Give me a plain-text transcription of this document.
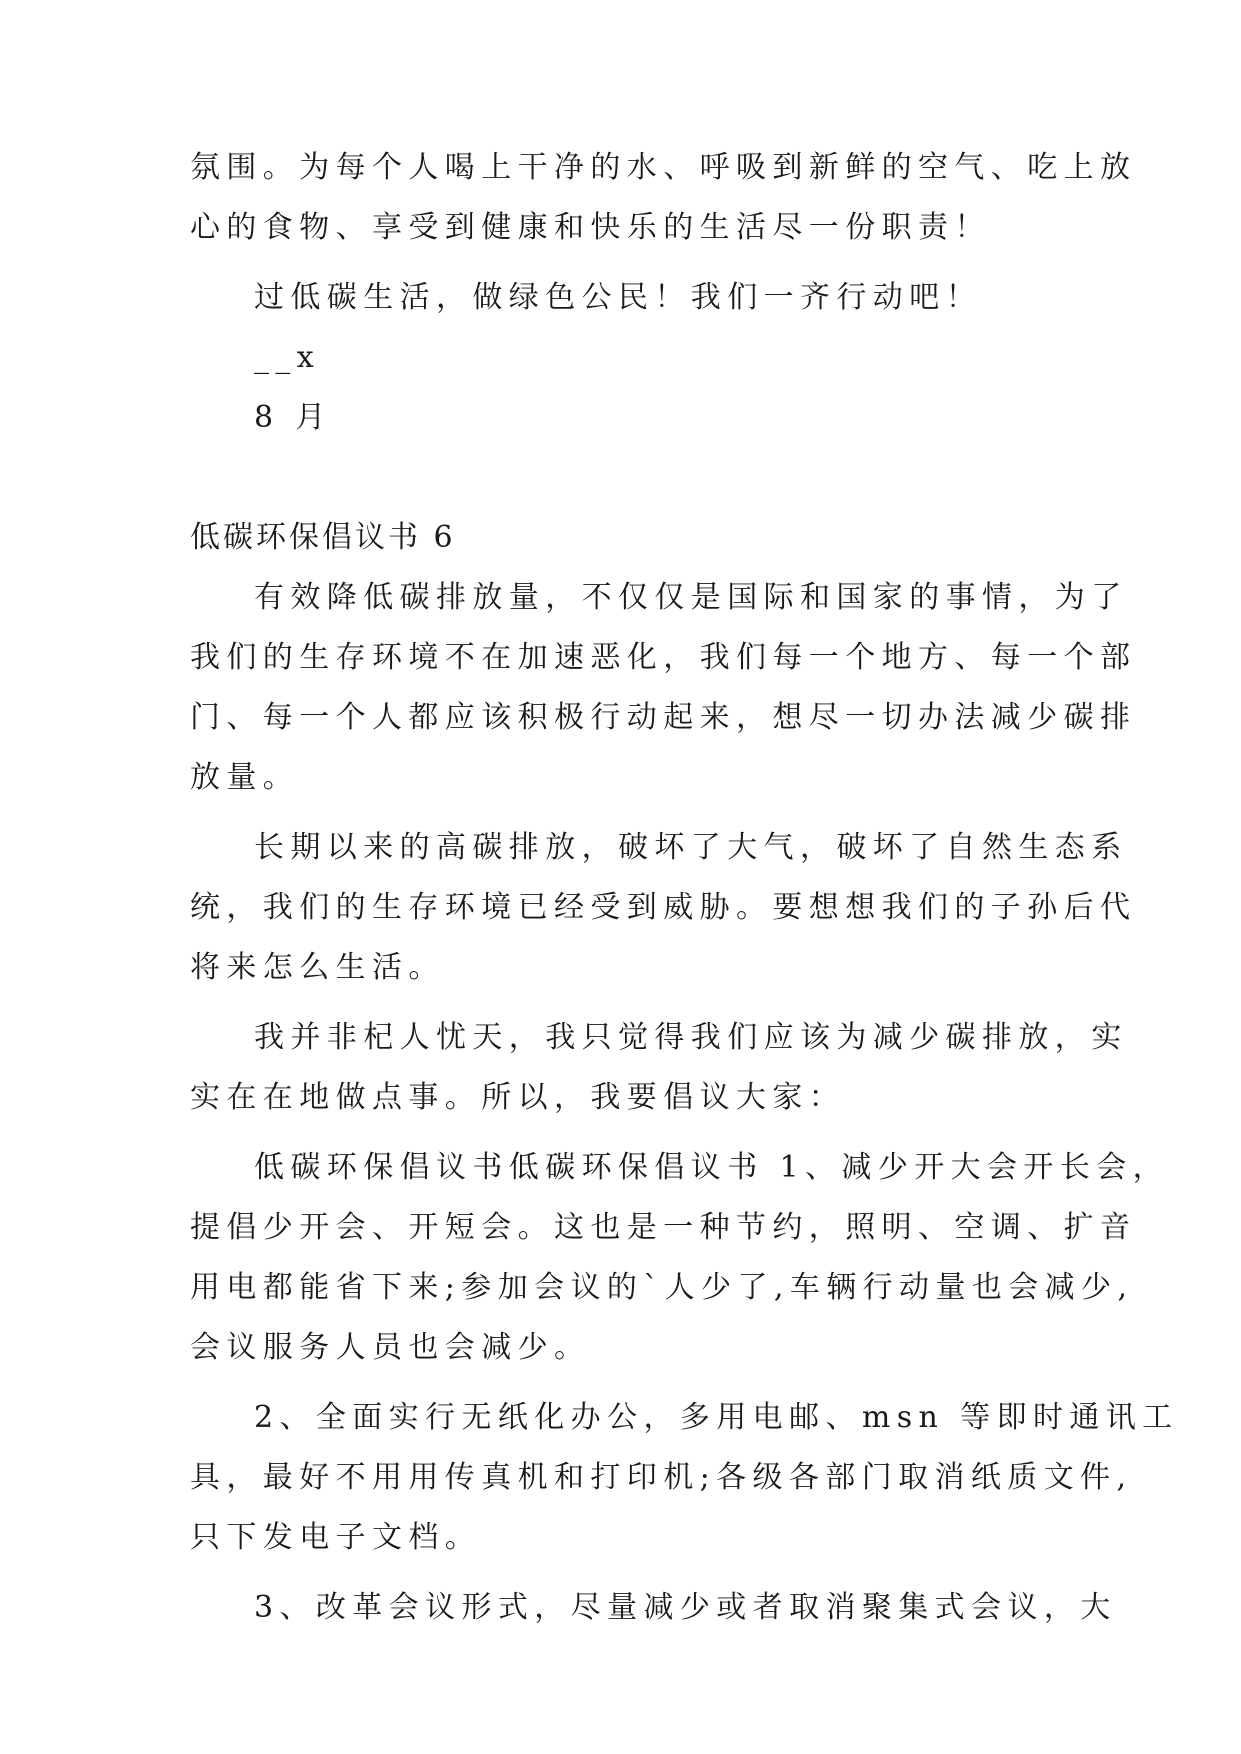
氛围。为每个人喝上干净的水、呼吸到新鲜的空气、吃上放

心的食物、享受到健康和快乐的生活尽一份职责！

过低碳生活，做绿色公民！我们一齐行动吧！

__x

8 月

低碳环保倡议书 6

有效降低碳排放量，不仅仅是国际和国家的事情，为了

我们的生存环境不在加速恶化，我们每一个地方、每一个部

门、每一个人都应该积极行动起来，想尽一切办法减少碳排

放量。

长期以来的高碳排放，破坏了大气，破坏了自然生态系

统，我们的生存环境已经受到威胁。要想想我们的子孙后代

将来怎么生活。

我并非杞人忧天，我只觉得我们应该为减少碳排放，实

实在在地做点事。所以，我要倡议大家：

低碳环保倡议书低碳环保倡议书 1、减少开大会开长会，

提倡少开会、开短会。这也是一种节约，照明、空调、扩音

用电都能省下来;参加会议的`人少了,车辆行动量也会减少,

会议服务人员也会减少。

2、全面实行无纸化办公，多用电邮、msn 等即时通讯工

具，最好不用用传真机和打印机;各级各部门取消纸质文件,

只下发电子文档。

3、改革会议形式，尽量减少或者取消聚集式会议，大
